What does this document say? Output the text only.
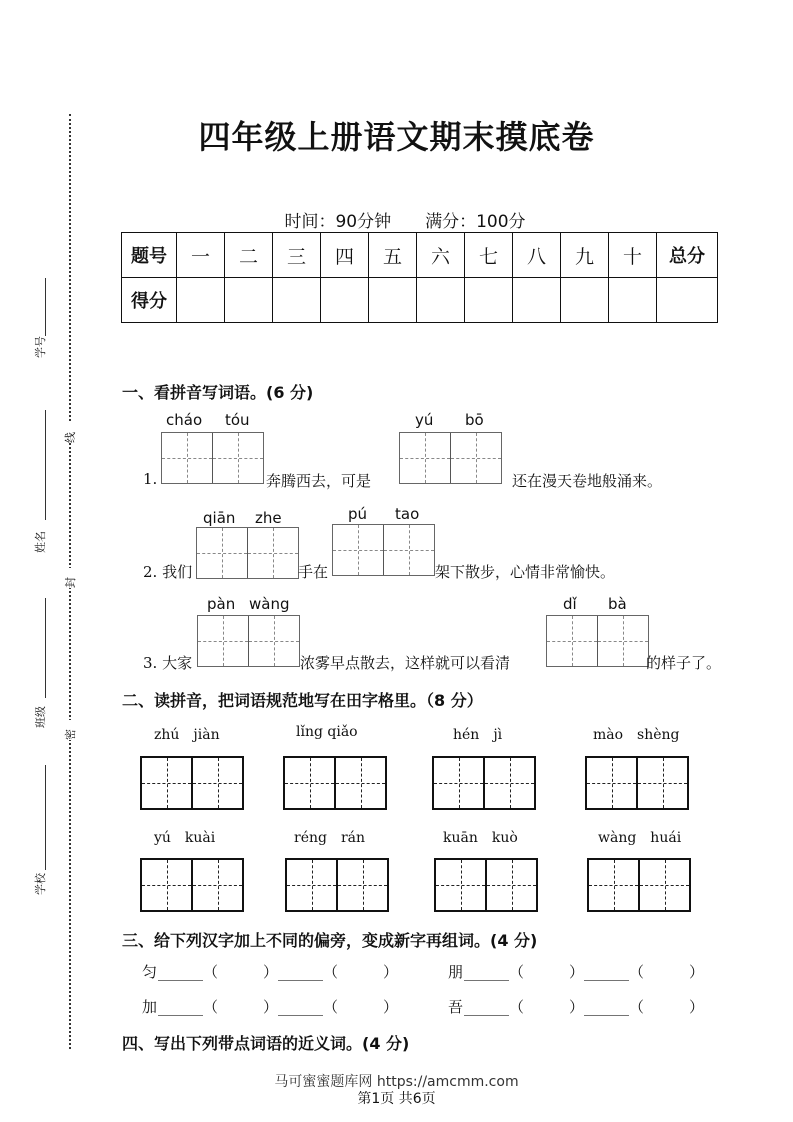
学号
姓名
班级
学校
线
封
密
四年级上册语文期末摸底卷
时间：90分钟　　满分：100分
题号	一	二	三	四	五	六	七	八	九	十	总分
得分											
一、看拼音写词语。(6 分)
cháo tóu
1.	奔腾西去，可是
yú bō
还在漫天卷地般涌来。
qiān zhe
2. 我们	手在
pú tao
架下散步，心情非常愉快。
pàn wàng
3. 大家	浓雾早点散去，这样就可以看清
dǐ bà
的样子了。
二、读拼音，把词语规范地写在田字格里。（8 分）
zhú　jiàn	lǐng qiǎo	hén　jì	mào　shèng
yú　kuài	réng　rán	kuān　kuò	wàng　huái
三、给下列汉字加上不同的偏旁，变成新字再组词。(4 分)
匀 ______（　　　）______（　　　）	朋 ______（　　　）______（　　　）
加 ______（　　　）______（　　　）	吾 ______（　　　）______（　　　）
四、写出下列带点词语的近义词。(4 分)
马可蜜蜜题库网 https://amcmm.com
第1页 共6页
